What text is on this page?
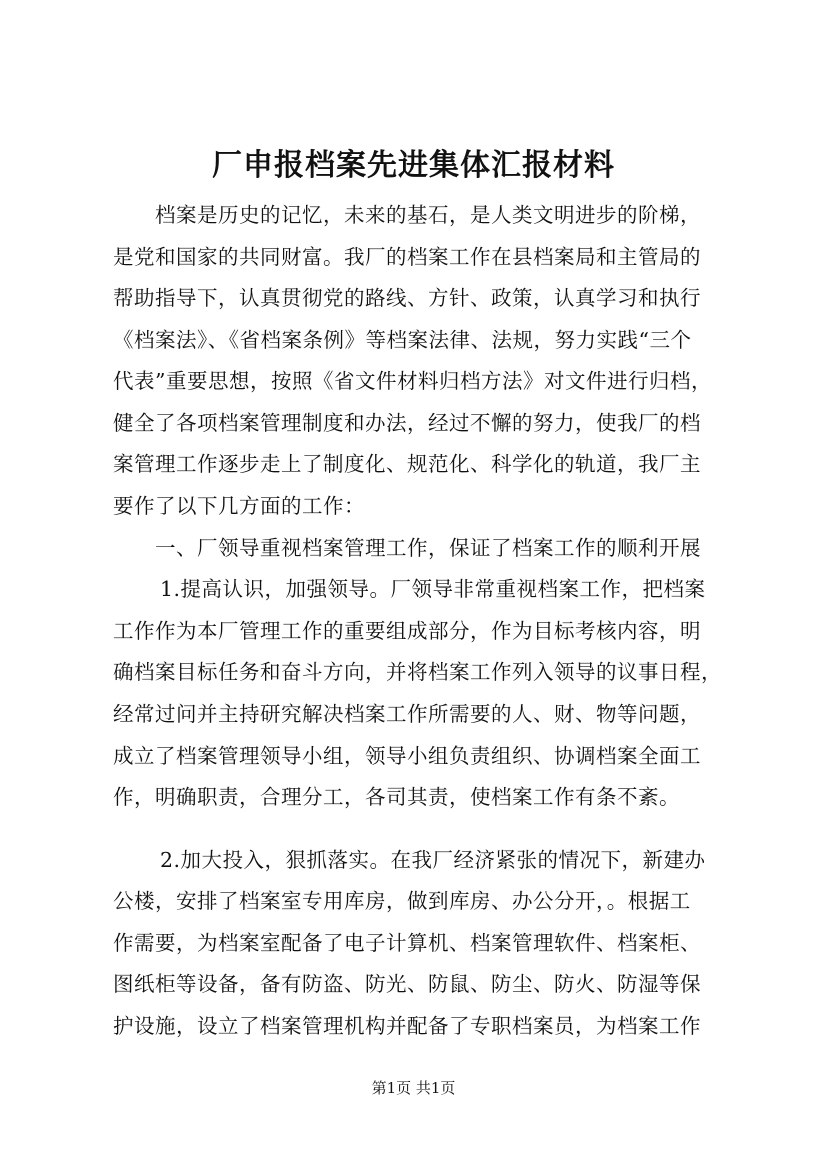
厂申报档案先进集体汇报材料
档案是历史的记忆，未来的基石，是人类文明进步的阶梯，
是党和国家的共同财富。我厂的档案工作在县档案局和主管局的
帮助指导下，认真贯彻党的路线、方针、政策，认真学习和执行
《档案法》、《省档案条例》等档案法律、法规，努力实践“三个
代表”重要思想，按照《省文件材料归档方法》对文件进行归档，
健全了各项档案管理制度和办法，经过不懈的努力，使我厂的档
案管理工作逐步走上了制度化、规范化、科学化的轨道，我厂主
要作了以下几方面的工作：
一、厂领导重视档案管理工作，保证了档案工作的顺利开展
1.提高认识，加强领导。厂领导非常重视档案工作，把档案
工作作为本厂管理工作的重要组成部分，作为目标考核内容，明
确档案目标任务和奋斗方向，并将档案工作列入领导的议事日程，
经常过问并主持研究解决档案工作所需要的人、财、物等问题，
成立了档案管理领导小组，领导小组负责组织、协调档案全面工
作，明确职责，合理分工，各司其责，使档案工作有条不紊。
2.加大投入，狠抓落实。在我厂经济紧张的情况下，新建办
公楼，安排了档案室专用库房，做到库房、办公分开，。根据工
作需要，为档案室配备了电子计算机、档案管理软件、档案柜、
图纸柜等设备，备有防盗、防光、防鼠、防尘、防火、防湿等保
护设施，设立了档案管理机构并配备了专职档案员，为档案工作
第1页 共1页
